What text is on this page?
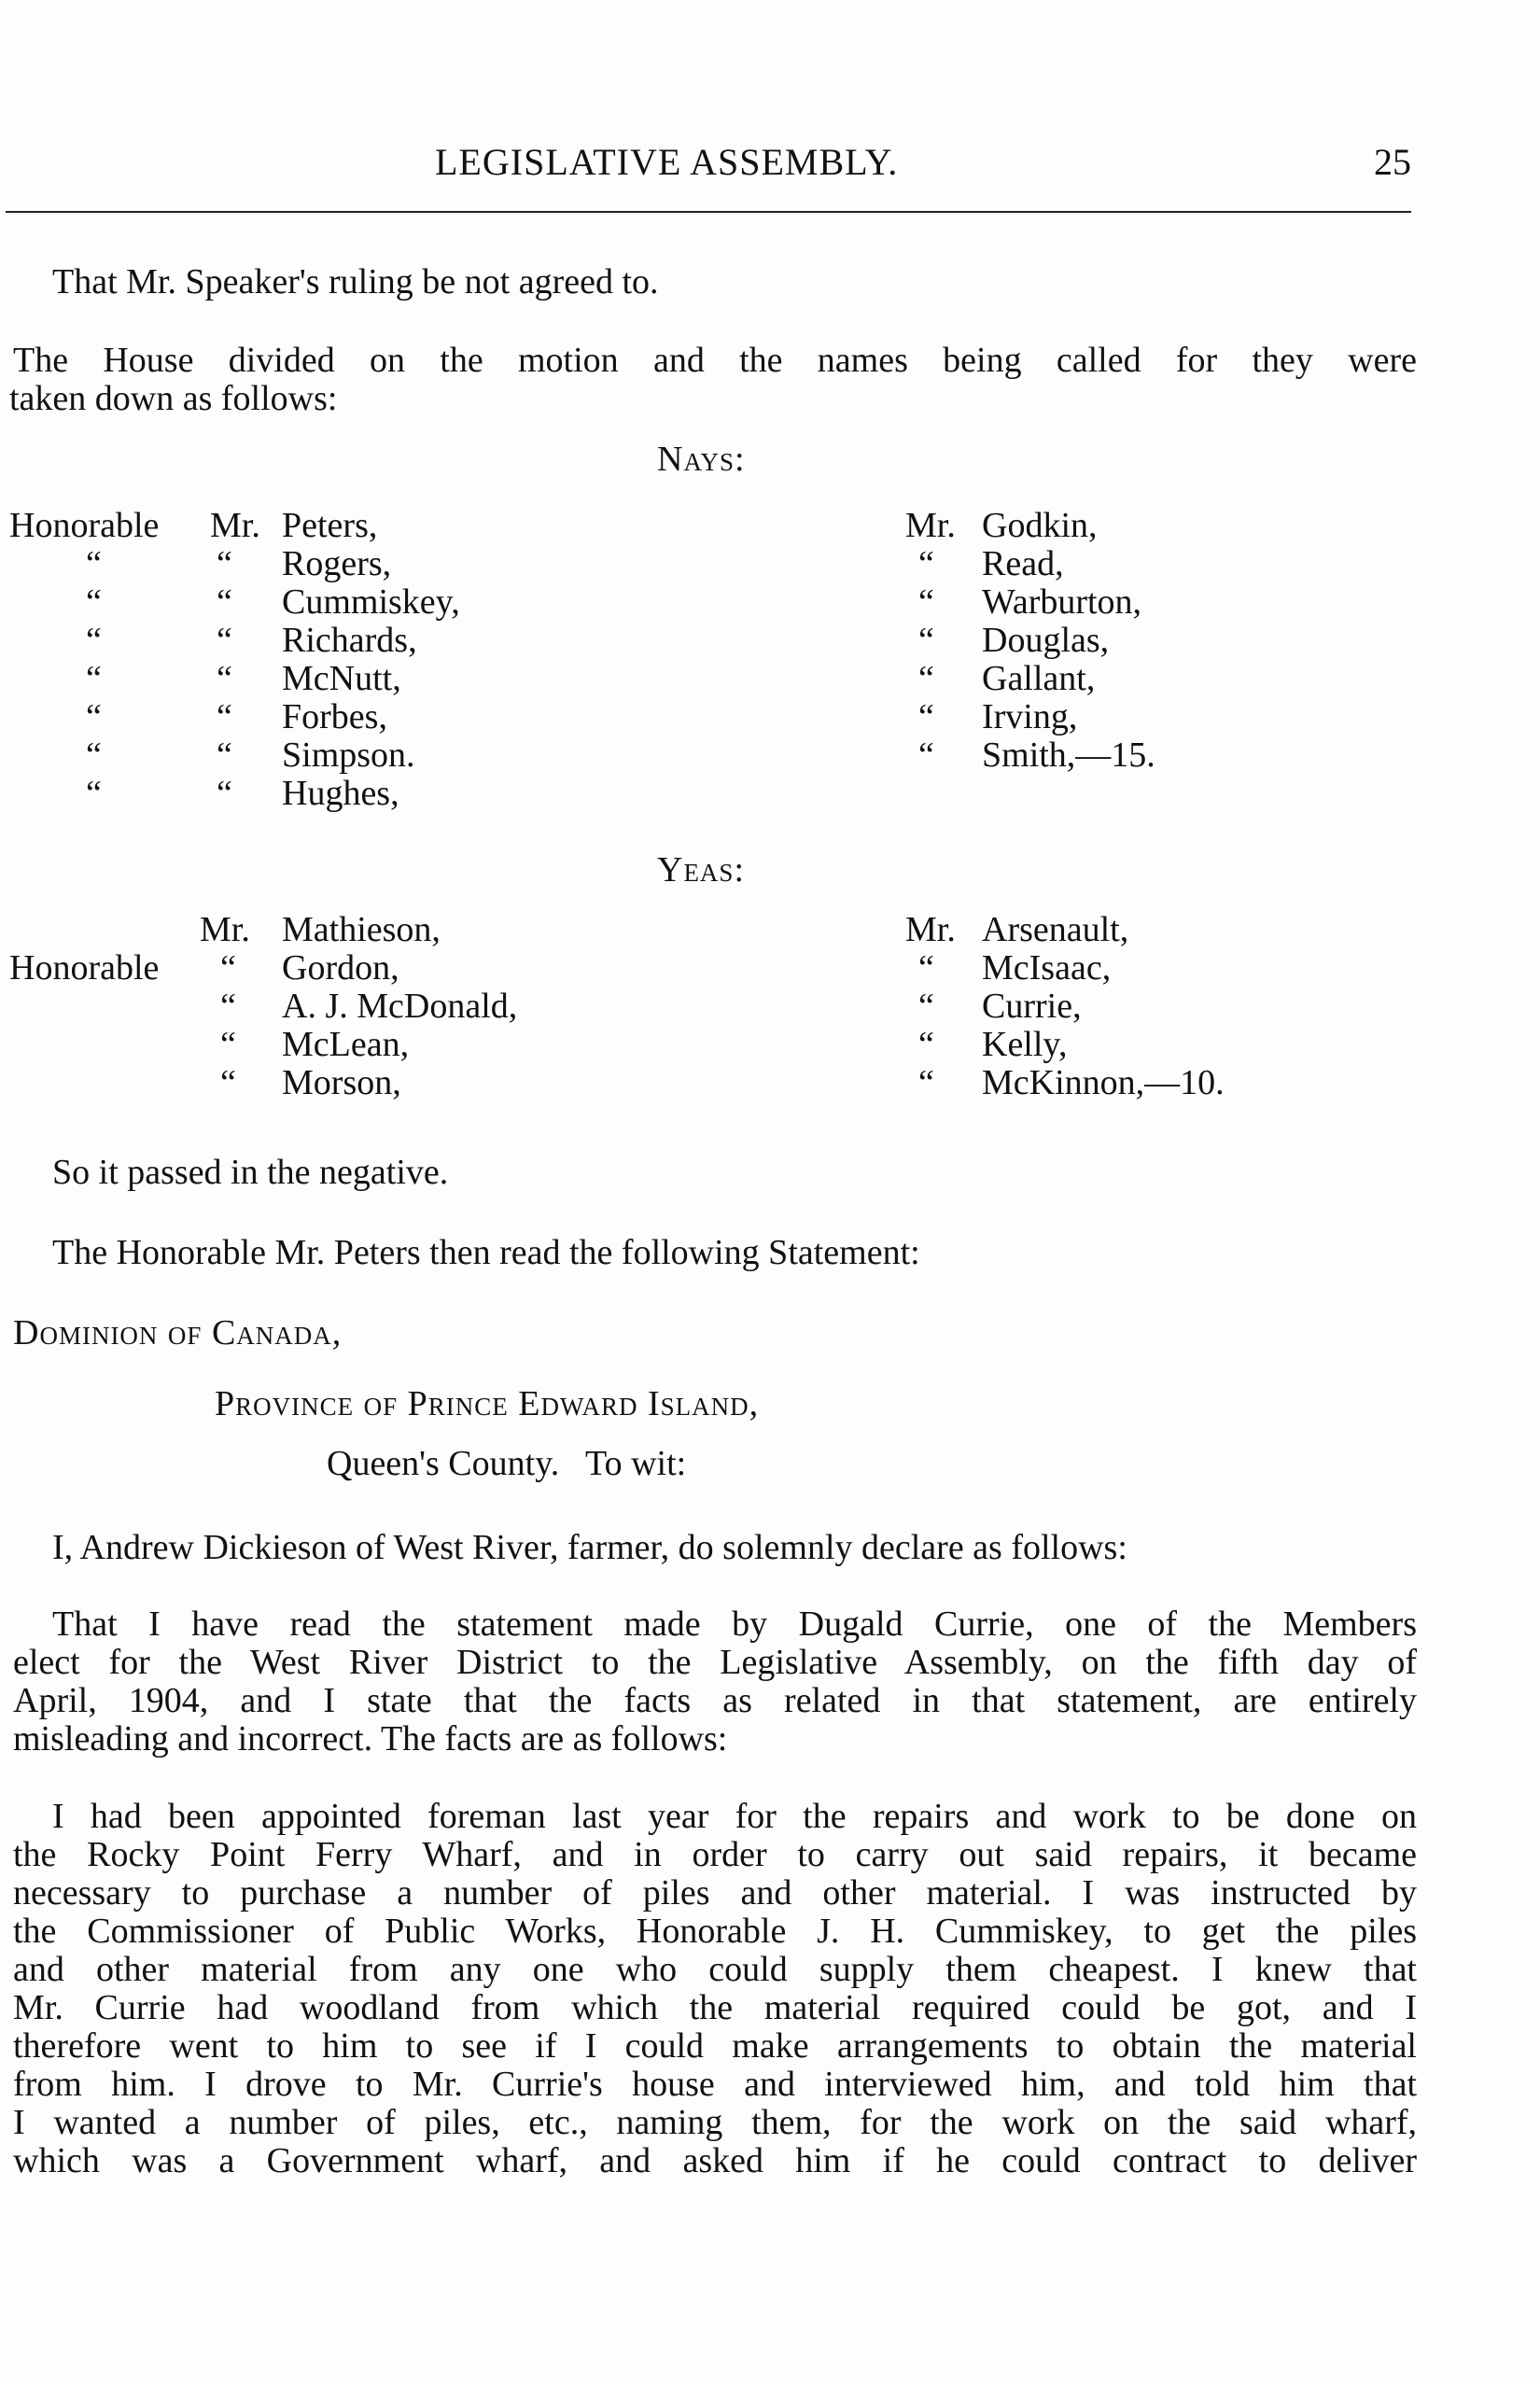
LEGISLATIVE ASSEMBLY.	25
That Mr. Speaker's ruling be not agreed to.
The House divided on the motion and the names being called for they were
taken down as follows:
Nays:
Honorable Mr. Peters,
“	“ Rogers,
“	“ Cummiskey,
“	“ Richards,
“	“ McNutt,
“	“ Forbes,
“	“ Simpson.
“	“ Hughes,
Mr. Godkin,
“ Read,
“ Warburton,
“ Douglas,
“ Gallant,
“ Irving,
“ Smith,—15.
Yeas:
Mr. Mathieson,
Honorable “ Gordon,
“ A. J. McDonald,
“ McLean,
“ Morson,
Mr. Arsenault,
“ McIsaac,
“ Currie,
“ Kelly,
“ McKinnon,—10.
So it passed in the negative.
The Honorable Mr. Peters then read the following Statement:
Dominion of Canada,
Province of Prince Edward Island,
Queen's County.   To wit:
I, Andrew Dickieson of West River, farmer, do solemnly declare as follows:
That I have read the statement made by Dugald Currie, one of the Members
elect for the West River District to the Legislative Assembly, on the fifth day of
April, 1904, and I state that the facts as related in that statement, are entirely
misleading and incorrect. The facts are as follows:
I had been appointed foreman last year for the repairs and work to be done on
the Rocky Point Ferry Wharf, and in order to carry out said repairs, it became
necessary to purchase a number of piles and other material. I was instructed by
the Commissioner of Public Works, Honorable J. H. Cummiskey, to get the piles
and other material from any one who could supply them cheapest. I knew that
Mr. Currie had woodland from which the material required could be got, and I
therefore went to him to see if I could make arrangements to obtain the material
from him. I drove to Mr. Currie's house and interviewed him, and told him that
I wanted a number of piles, etc., naming them, for the work on the said wharf,
which was a Government wharf, and asked him if he could contract to deliver
